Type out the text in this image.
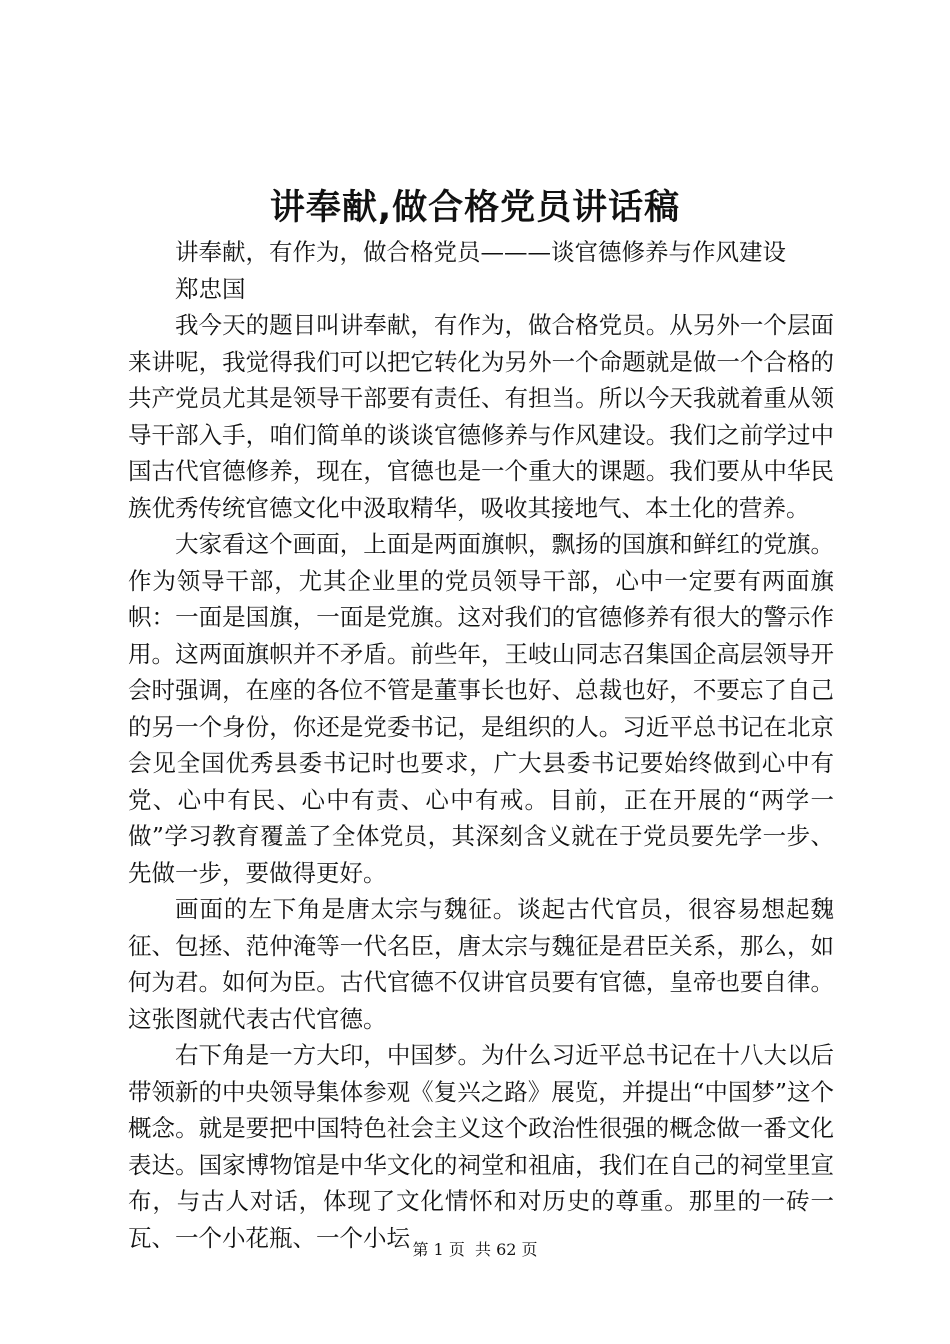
讲奉献,做合格党员讲话稿

讲奉献，有作为，做合格党员———谈官德修养与作风建设

郑忠国

我今天的题目叫讲奉献，有作为，做合格党员。从另外一个层面来讲呢，我觉得我们可以把它转化为另外一个命题就是做一个合格的共产党员尤其是领导干部要有责任、有担当。所以今天我就着重从领导干部入手，咱们简单的谈谈官德修养与作风建设。我们之前学过中国古代官德修养，现在，官德也是一个重大的课题。我们要从中华民族优秀传统官德文化中汲取精华，吸收其接地气、本土化的营养。

大家看这个画面，上面是两面旗帜，飘扬的国旗和鲜红的党旗。作为领导干部，尤其企业里的党员领导干部，心中一定要有两面旗帜：一面是国旗，一面是党旗。这对我们的官德修养有很大的警示作用。这两面旗帜并不矛盾。前些年，王岐山同志召集国企高层领导开会时强调，在座的各位不管是董事长也好、总裁也好，不要忘了自己的另一个身份，你还是党委书记，是组织的人。习近平总书记在北京会见全国优秀县委书记时也要求，广大县委书记要始终做到心中有党、心中有民、心中有责、心中有戒。目前，正在开展的“两学一做”学习教育覆盖了全体党员，其深刻含义就在于党员要先学一步、先做一步，要做得更好。

画面的左下角是唐太宗与魏征。谈起古代官员，很容易想起魏征、包拯、范仲淹等一代名臣，唐太宗与魏征是君臣关系，那么，如何为君。如何为臣。古代官德不仅讲官员要有官德，皇帝也要自律。这张图就代表古代官德。

右下角是一方大印，中国梦。为什么习近平总书记在十八大以后带领新的中央领导集体参观《复兴之路》展览，并提出“中国梦”这个概念。就是要把中国特色社会主义这个政治性很强的概念做一番文化表达。国家博物馆是中华文化的祠堂和祖庙，我们在自己的祠堂里宣布，与古人对话，体现了文化情怀和对历史的尊重。那里的一砖一瓦、一个小花瓶、一个小坛 第 1 页  共 62 页
